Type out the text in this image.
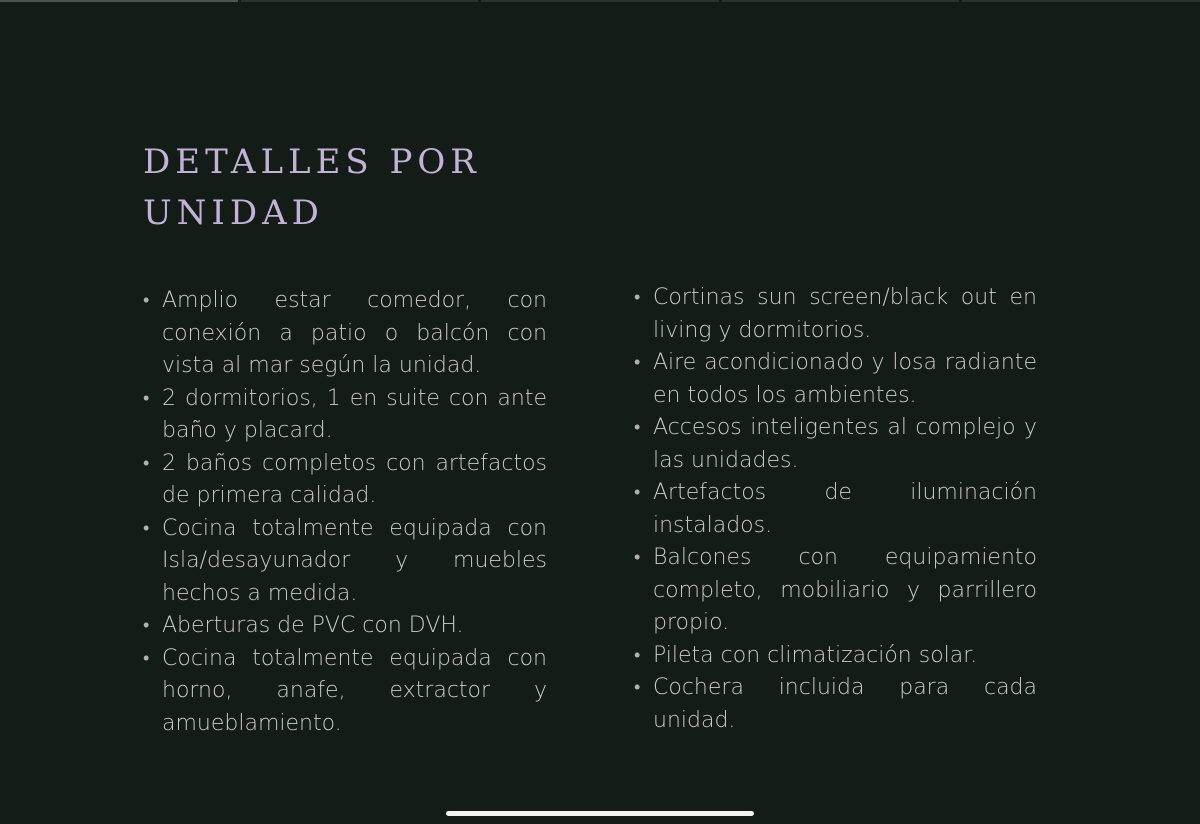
DETALLES POR UNIDAD
• Amplio estar comedor, con conexión a patio o balcón con vista al mar según la unidad.
• 2 dormitorios, 1 en suite con ante baño y placard.
• 2 baños completos con artefactos de primera calidad.
• Cocina totalmente equipada con Isla/desayunador y muebles hechos a medida.
• Aberturas de PVC con DVH.
• Cocina totalmente equipada con horno, anafe, extractor y amueblamiento.
• Cortinas sun screen/black out en living y dormitorios.
• Aire acondicionado y losa radiante en todos los ambientes.
• Accesos inteligentes al complejo y las unidades.
• Artefactos de iluminación instalados.
• Balcones con equipamiento completo, mobiliario y parrillero propio.
• Pileta con climatización solar.
• Cochera incluida para cada unidad.
